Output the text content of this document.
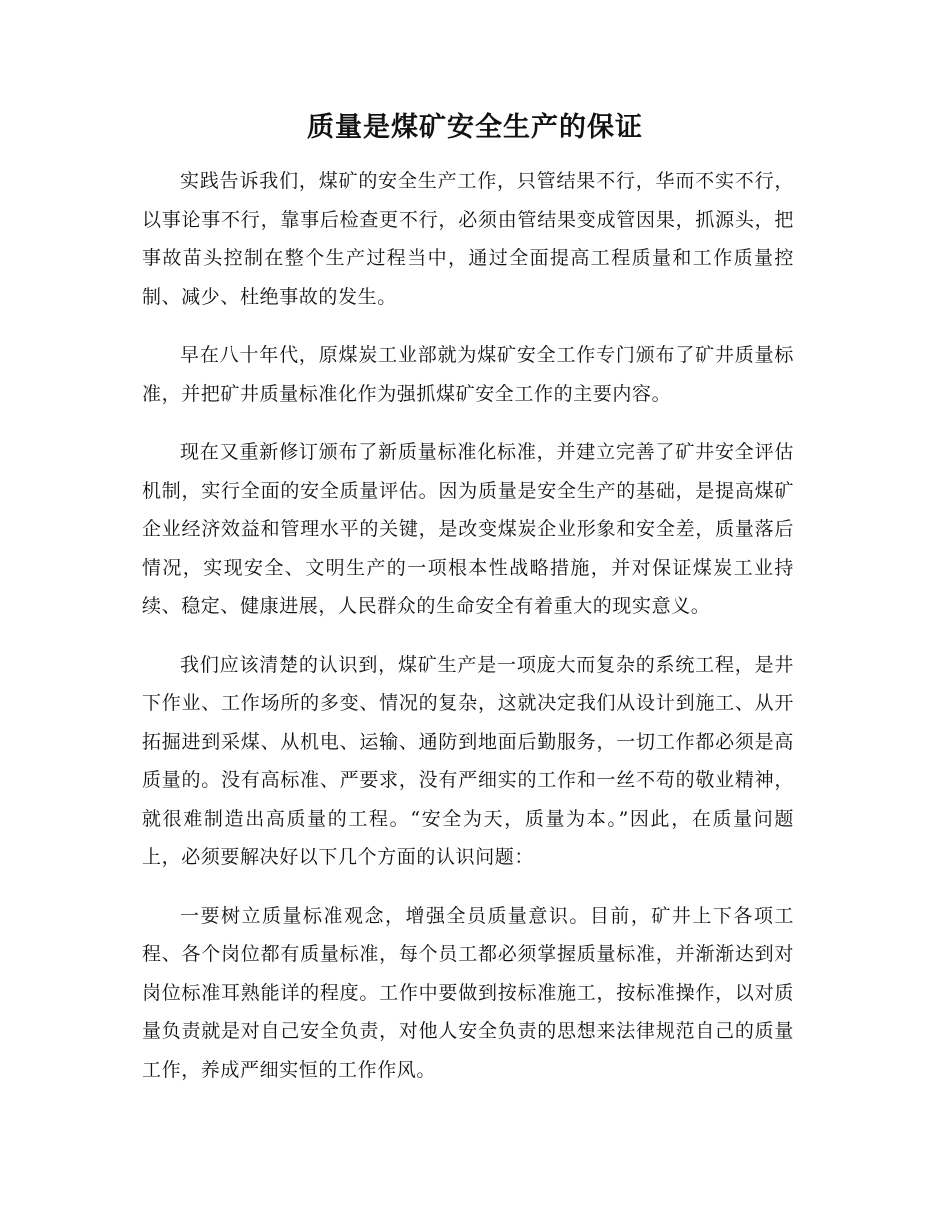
质量是煤矿安全生产的保证

实践告诉我们，煤矿的安全生产工作，只管结果不行，华而不实不行，以事论事不行，靠事后检查更不行，必须由管结果变成管因果，抓源头，把事故苗头控制在整个生产过程当中，通过全面提高工程质量和工作质量控制、减少、杜绝事故的发生。

早在八十年代，原煤炭工业部就为煤矿安全工作专门颁布了矿井质量标准，并把矿井质量标准化作为强抓煤矿安全工作的主要内容。

现在又重新修订颁布了新质量标准化标准，并建立完善了矿井安全评估机制，实行全面的安全质量评估。因为质量是安全生产的基础，是提高煤矿企业经济效益和管理水平的关键，是改变煤炭企业形象和安全差，质量落后情况，实现安全、文明生产的一项根本性战略措施，并对保证煤炭工业持续、稳定、健康进展，人民群众的生命安全有着重大的现实意义。

我们应该清楚的认识到，煤矿生产是一项庞大而复杂的系统工程，是井下作业、工作场所的多变、情况的复杂，这就决定我们从设计到施工、从开拓掘进到采煤、从机电、运输、通防到地面后勤服务，一切工作都必须是高质量的。没有高标准、严要求，没有严细实的工作和一丝不苟的敬业精神，就很难制造出高质量的工程。“安全为天，质量为本。”因此，在质量问题上，必须要解决好以下几个方面的认识问题：

一要树立质量标准观念，增强全员质量意识。目前，矿井上下各项工程、各个岗位都有质量标准，每个员工都必须掌握质量标准，并渐渐达到对岗位标准耳熟能详的程度。工作中要做到按标准施工，按标准操作，以对质量负责就是对自己安全负责，对他人安全负责的思想来法律规范自己的质量工作，养成严细实恒的工作作风。
